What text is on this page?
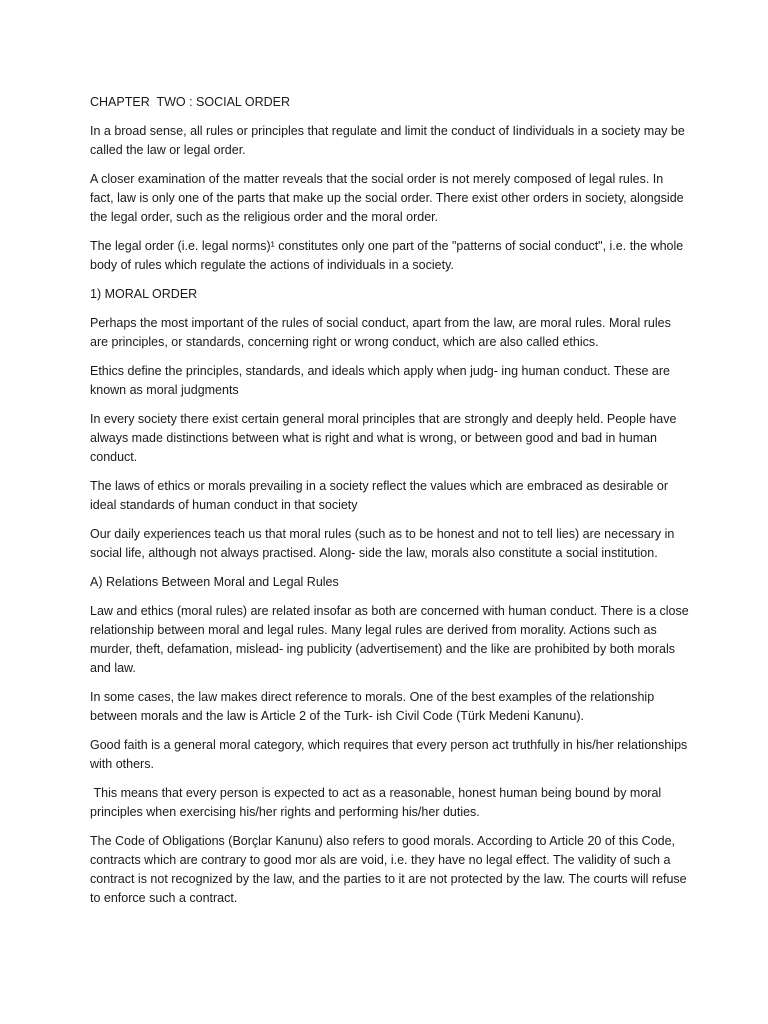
CHAPTER  TWO : SOCIAL ORDER

In a broad sense, all rules or principles that regulate and limit the conduct of Iindividuals in a society may be called the law or legal order.

A closer examination of the matter reveals that the social order is not merely composed of legal rules. In fact, law is only one of the parts that make up the social order. There exist other orders in society, alongside the legal order, such as the religious order and the moral order.

The legal order (i.e. legal norms)¹ constitutes only one part of the "patterns of social conduct", i.e. the whole body of rules which regulate the actions of individuals in a society.

1) MORAL ORDER

Perhaps the most important of the rules of social conduct, apart from the law, are moral rules. Moral rules are principles, or standards, concerning right or wrong conduct, which are also called ethics.

Ethics define the principles, standards, and ideals which apply when judg- ing human conduct. These are known as moral judgments

In every society there exist certain general moral principles that are strongly and deeply held. People have always made distinctions between what is right and what is wrong, or between good and bad in human conduct.

The laws of ethics or morals prevailing in a society reflect the values which are embraced as desirable or ideal standards of human conduct in that society

Our daily experiences teach us that moral rules (such as to be honest and not to tell lies) are necessary in social life, although not always practised. Along- side the law, morals also constitute a social institution.

A) Relations Between Moral and Legal Rules

Law and ethics (moral rules) are related insofar as both are concerned with human conduct. There is a close relationship between moral and legal rules. Many legal rules are derived from morality. Actions such as murder, theft, defamation, mislead- ing publicity (advertisement) and the like are prohibited by both morals and law.

In some cases, the law makes direct reference to morals. One of the best examples of the relationship between morals and the law is Article 2 of the Turk- ish Civil Code (Türk Medeni Kanunu).

Good faith is a general moral category, which requires that every person act truthfully in his/her relationships with others.

This means that every person is expected to act as a reasonable, honest human being bound by moral principles when exercising his/her rights and performing his/her duties.

The Code of Obligations (Borçlar Kanunu) also refers to good morals. According to Article 20 of this Code, contracts which are contrary to good mor als are void, i.e. they have no legal effect. The validity of such a contract is not recognized by the law, and the parties to it are not protected by the law. The courts will refuse to enforce such a contract.
